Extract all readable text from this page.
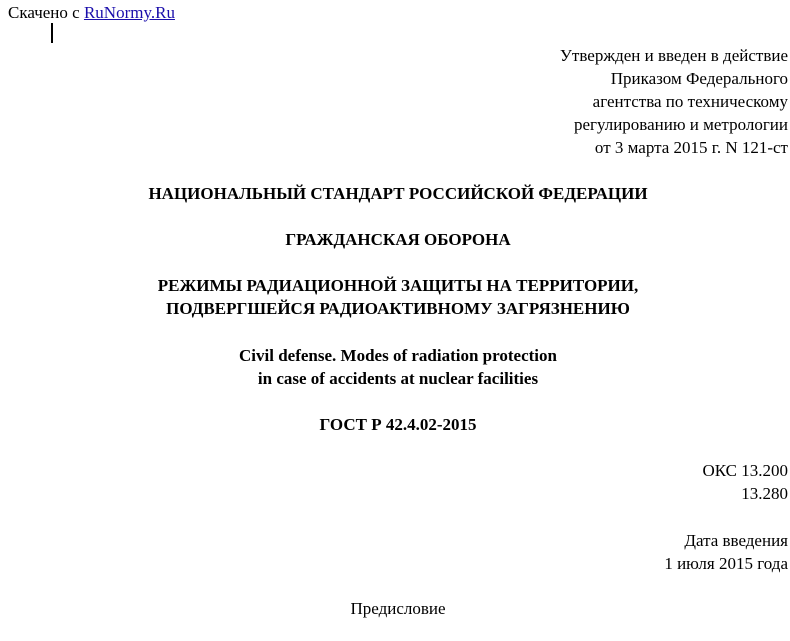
Скачено с RuNormy.Ru
Утвержден и введен в действие
Приказом Федерального
агентства по техническому
регулированию и метрологии
от 3 марта 2015 г. N 121-ст
НАЦИОНАЛЬНЫЙ СТАНДАРТ РОССИЙСКОЙ ФЕДЕРАЦИИ
ГРАЖДАНСКАЯ ОБОРОНА
РЕЖИМЫ РАДИАЦИОННОЙ ЗАЩИТЫ НА ТЕРРИТОРИИ,
ПОДВЕРГШЕЙСЯ РАДИОАКТИВНОМУ ЗАГРЯЗНЕНИЮ
Civil defense. Modes of radiation protection
in case of accidents at nuclear facilities
ГОСТ Р 42.4.02-2015
ОКС 13.200
13.280
Дата введения
1 июля 2015 года
Предисловие
